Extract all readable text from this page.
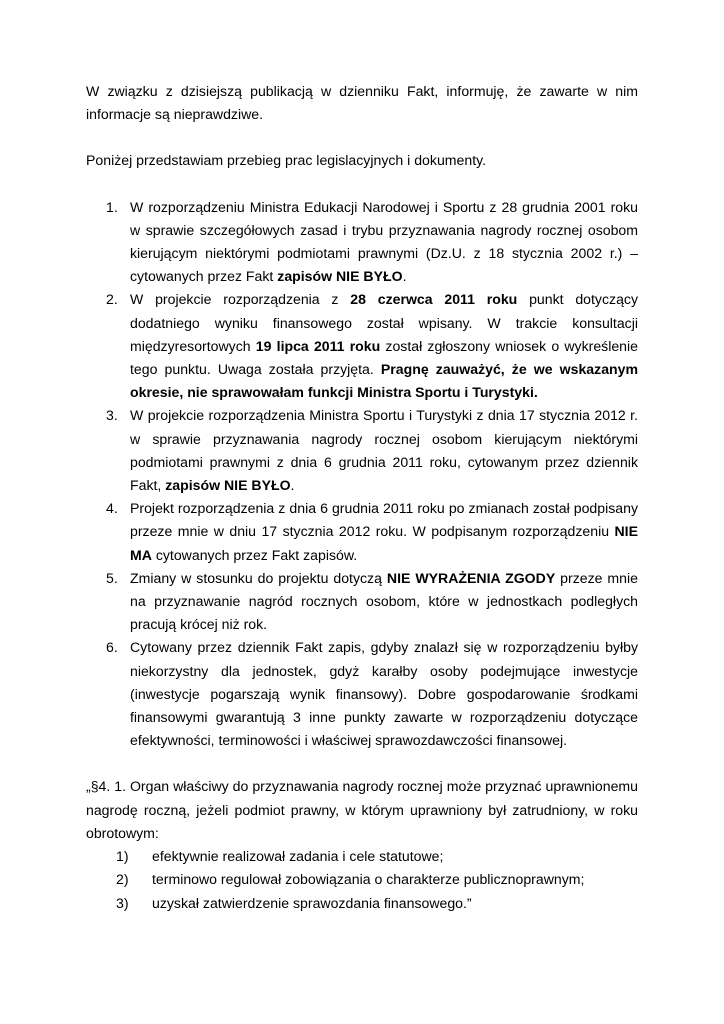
W związku z dzisiejszą publikacją w dzienniku Fakt, informuję, że zawarte w nim informacje są nieprawdziwe.

Poniżej przedstawiam przebieg prac legislacyjnych i dokumenty.

1. W rozporządzeniu Ministra Edukacji Narodowej i Sportu z 28 grudnia 2001 roku w sprawie szczegółowych zasad i trybu przyznawania nagrody rocznej osobom kierującym niektórymi podmiotami prawnymi (Dz.U. z 18 stycznia 2002 r.) – cytowanych przez Fakt zapisów NIE BYŁO.
2. W projekcie rozporządzenia z 28 czerwca 2011 roku punkt dotyczący dodatniego wyniku finansowego został wpisany. W trakcie konsultacji międzyresortowych 19 lipca 2011 roku został zgłoszony wniosek o wykreślenie tego punktu. Uwaga została przyjęta. Pragnę zauważyć, że we wskazanym okresie, nie sprawowałam funkcji Ministra Sportu i Turystyki.
3. W projekcie rozporządzenia Ministra Sportu i Turystyki z dnia 17 stycznia 2012 r. w sprawie przyznawania nagrody rocznej osobom kierującym niektórymi podmiotami prawnymi z dnia 6 grudnia 2011 roku, cytowanym przez dziennik Fakt, zapisów NIE BYŁO.
4. Projekt rozporządzenia z dnia 6 grudnia 2011 roku po zmianach został podpisany przeze mnie w dniu 17 stycznia 2012 roku. W podpisanym rozporządzeniu NIE MA cytowanych przez Fakt zapisów.
5. Zmiany w stosunku do projektu dotyczą NIE WYRAŻENIA ZGODY przeze mnie na przyznawanie nagród rocznych osobom, które w jednostkach podległych pracują krócej niż rok.
6. Cytowany przez dziennik Fakt zapis, gdyby znalazł się w rozporządzeniu byłby niekorzystny dla jednostek, gdyż karałby osoby podejmujące inwestycje (inwestycje pogarszają wynik finansowy). Dobre gospodarowanie środkami finansowymi gwarantują 3 inne punkty zawarte w rozporządzeniu dotyczące efektywności, terminowości i właściwej sprawozdawczości finansowej.

„§4. 1. Organ właściwy do przyznawania nagrody rocznej może przyznać uprawnionemu nagrodę roczną, jeżeli podmiot prawny, w którym uprawniony był zatrudniony, w roku obrotowym:

1) efektywnie realizował zadania i cele statutowe;
2) terminowo regulował zobowiązania o charakterze publicznoprawnym;
3) uzyskał zatwierdzenie sprawozdania finansowego.”
